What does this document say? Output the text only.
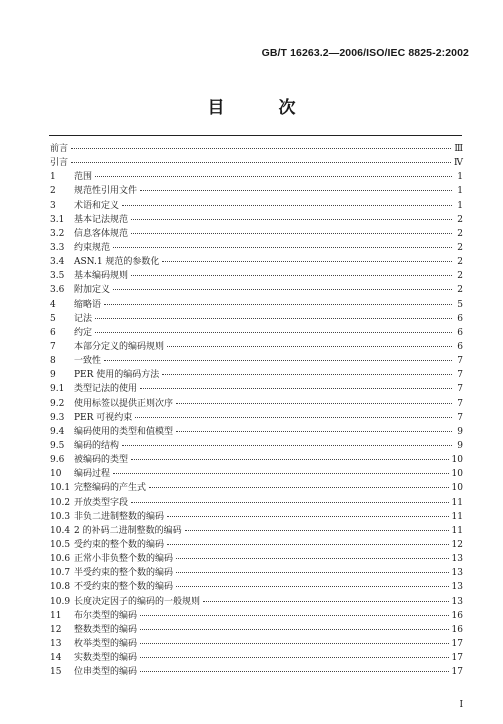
GB/T 16263.2—2006/ISO/IEC 8825-2:2002
目 次
前言	Ⅲ
引言	Ⅳ
1	范围	1
2	规范性引用文件	1
3	术语和定义	1
3.1	基本记法规范	2
3.2	信息客体规范	2
3.3	约束规范	2
3.4	ASN.1 规范的参数化	2
3.5	基本编码规则	2
3.6	附加定义	2
4	缩略语	5
5	记法	6
6	约定	6
7	本部分定义的编码规则	6
8	一致性	7
9	PER 使用的编码方法	7
9.1	类型记法的使用	7
9.2	使用标签以提供正则次序	7
9.3	PER 可视约束	7
9.4	编码使用的类型和值模型	9
9.5	编码的结构	9
9.6	被编码的类型	10
10	编码过程	10
10.1 完整编码的产生式	10
10.2 开放类型字段	11
10.3 非负二进制整数的编码	11
10.4 2 的补码二进制整数的编码	11
10.5 受约束的整个数的编码	12
10.6 正常小非负整个数的编码	13
10.7 半受约束的整个数的编码	13
10.8 不受约束的整个数的编码	13
10.9 长度决定因子的编码的一般规则	13
11	布尔类型的编码	16
12	整数类型的编码	16
13	枚举类型的编码	17
14	实数类型的编码	17
15	位串类型的编码	17
I
